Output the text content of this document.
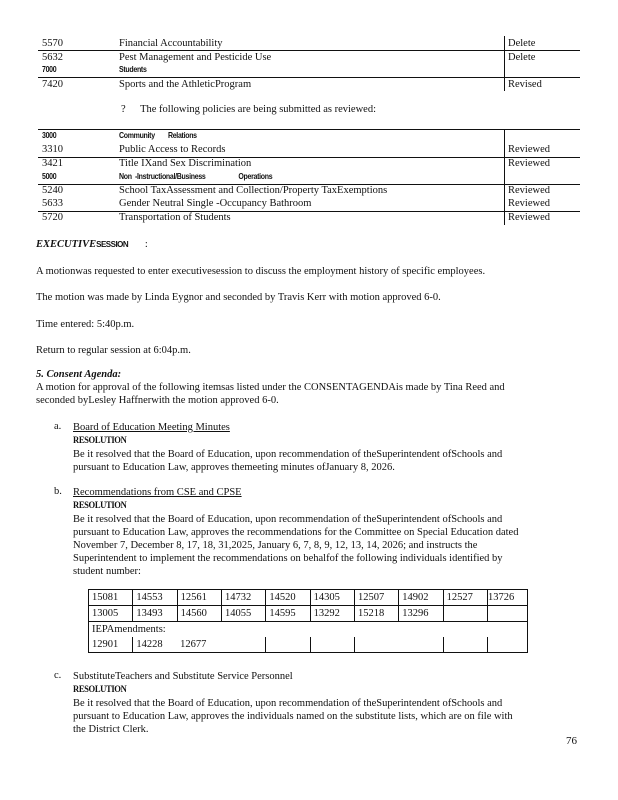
5570	Financial Accountability	Delete
5632	Pest Management and Pesticide Use	Delete
7000	Students
7420	Sports and the AthleticProgram	Revised
? The following policies are being submitted as reviewed:
3000	Community        Relations
3310	Public Access to Records	Reviewed
3421	Title IXand Sex Discrimination	Reviewed
5000	Non  -Instructional/Business                    Operations
5240	School TaxAssessment and Collection/Property TaxExemptions	Reviewed
5633	Gender Neutral Single -Occupancy Bathroom	Reviewed
5720	Transportation of Students	Reviewed
EXECUTIVESESSION :
A motionwas requested to enter executivesession to discuss the employment history of specific employees.
The motion was made by Linda Eygnor and seconded by Travis Kerr with motion approved 6-0.
Time entered: 5:40p.m.
Return to regular session at 6:04p.m.
5. Consent Agenda:
A motion for approval of the following itemsas listed under the CONSENTAGENDAis made by Tina Reed and
seconded byLesley Haffnerwith the motion approved 6-0.
a. Board of Education Meeting Minutes
RESOLUTION
Be it resolved that the Board of Education, upon recommendation of theSuperintendent ofSchools and
pursuant to Education Law, approves themeeting minutes ofJanuary 8, 2026.
b. Recommendations from CSE and CPSE
RESOLUTION
Be it resolved that the Board of Education, upon recommendation of theSuperintendent ofSchools and
pursuant to Education Law, approves the recommendations for the Committee on Special Education dated
November 7, December 8, 17, 18, 31,2025, January 6, 7, 8, 9, 12, 13, 14, 2026; and instructs the
Superintendent to implement the recommendations on behalfof the following individuals identified by
student number:
15081	14553	12561	14732	14520	14305	12507	14902	12527	13726
13005	13493	14560	14055	14595	13292	15218	13296		
IEPAmendments:									
12901	14228	12677							
c. SubstituteTeachers and Substitute Service Personnel
RESOLUTION
Be it resolved that the Board of Education, upon recommendation of theSuperintendent ofSchools and
pursuant to Education Law, approves the individuals named on the substitute lists, which are on file with
the District Clerk.
76
